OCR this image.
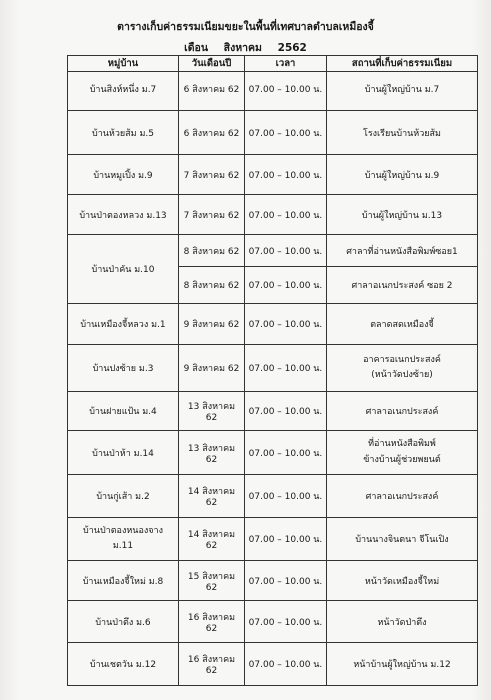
ตารางเก็บค่าธรรมเนียมขยะในพื้นที่เทศบาลตำบลเหมืองจี้
เดือน สิงหาคม 2562
หมู่บ้าน	วันเดือนปี	เวลา	สถานที่เก็บค่าธรรมเนียม
บ้านสิงห์หนึ่ง ม.7	6 สิงหาคม 62	07.00 – 10.00 น.	บ้านผู้ใหญ่บ้าน ม.7
บ้านห้วยส้ม ม.5	6 สิงหาคม 62	07.00 – 10.00 น.	โรงเรียนบ้านห้วยส้ม
บ้านหมูเปิ้ง ม.9	7 สิงหาคม 62	07.00 – 10.00 น.	บ้านผู้ใหญ่บ้าน ม.9
บ้านป่าตองหลวง ม.13	7 สิงหาคม 62	07.00 – 10.00 น.	บ้านผู้ใหญ่บ้าน ม.13
บ้านป่าคัน ม.10	8 สิงหาคม 62	07.00 – 10.00 น.	ศาลาที่อ่านหนังสือพิมพ์ซอย1
	8 สิงหาคม 62	07.00 – 10.00 น.	ศาลาอเนกประสงค์ ซอย 2
บ้านเหมืองจี้หลวง ม.1	9 สิงหาคม 62	07.00 – 10.00 น.	ตลาดสดเหมืองจี้
บ้านปงซ้าย ม.3	9 สิงหาคม 62	07.00 – 10.00 น.	อาคารอเนกประสงค์
(หน้าวัดปงซ้าย)

บ้านฝายแป้น ม.4	13 สิงหาคม 62	07.00 – 10.00 น.	ศาลาอเนกประสงค์
บ้านป่าห้า ม.14	13 สิงหาคม 62	07.00 – 10.00 น.	ที่อ่านหนังสือพิมพ์
ข้างบ้านผู้ช่วยพยนต์

บ้านกู่เส้า ม.2	14 สิงหาคม 62	07.00 – 10.00 น.	ศาลาอเนกประสงค์

บ้านป่าตองหนองจาง
ม.11	14 สิงหาคม 62	07.00 – 10.00 น.	บ้านนางจินตนา จีโนเปิง
บ้านเหมืองจี้ใหม่ ม.8	15 สิงหาคม 62	07.00 – 10.00 น.	หน้าวัดเหมืองจี้ใหม่
บ้านป่าตึง ม.6	16 สิงหาคม 62	07.00 – 10.00 น.	หน้าวัดป่าตึง
บ้านเชตวัน ม.12	16 สิงหาคม 62	07.00 – 10.00 น.	หน้าบ้านผู้ใหญ่บ้าน ม.12
